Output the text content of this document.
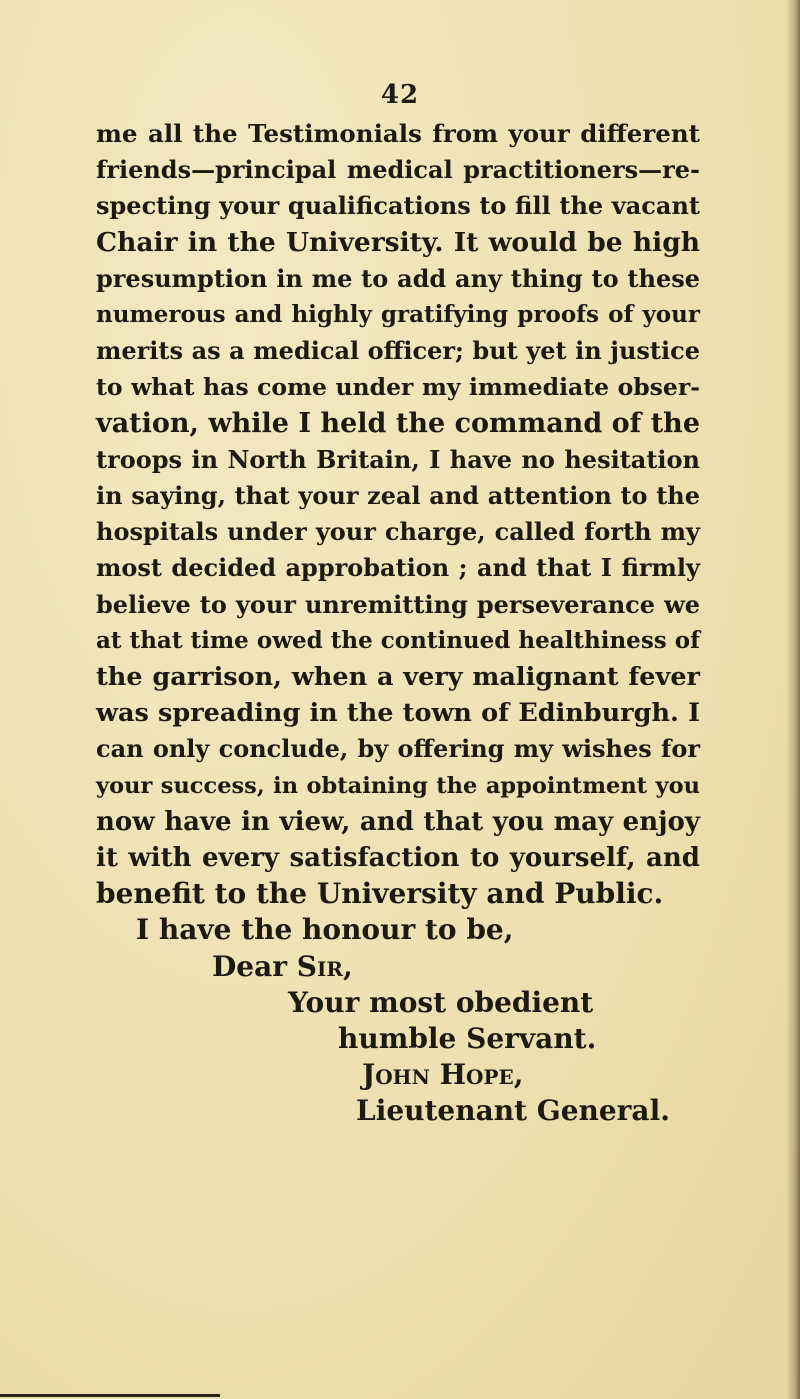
42
me all the Testimonials from your different
friends—principal medical practitioners—re-
specting your qualifications to fill the vacant
Chair in the University. It would be high
presumption in me to add any thing to these
numerous and highly gratifying proofs of your
merits as a medical officer; but yet in justice
to what has come under my immediate obser-
vation, while I held the command of the
troops in North Britain, I have no hesitation
in saying, that your zeal and attention to the
hospitals under your charge, called forth my
most decided approbation ; and that I firmly
believe to your unremitting perseverance we
at that time owed the continued healthiness of
the garrison, when a very malignant fever
was spreading in the town of Edinburgh. I
can only conclude, by offering my wishes for
your success, in obtaining the appointment you
now have in view, and that you may enjoy
it with every satisfaction to yourself, and
benefit to the University and Public.
I have the honour to be,
Dear Sir,
Your most obedient
humble Servant.
John Hope,
Lieutenant General.
